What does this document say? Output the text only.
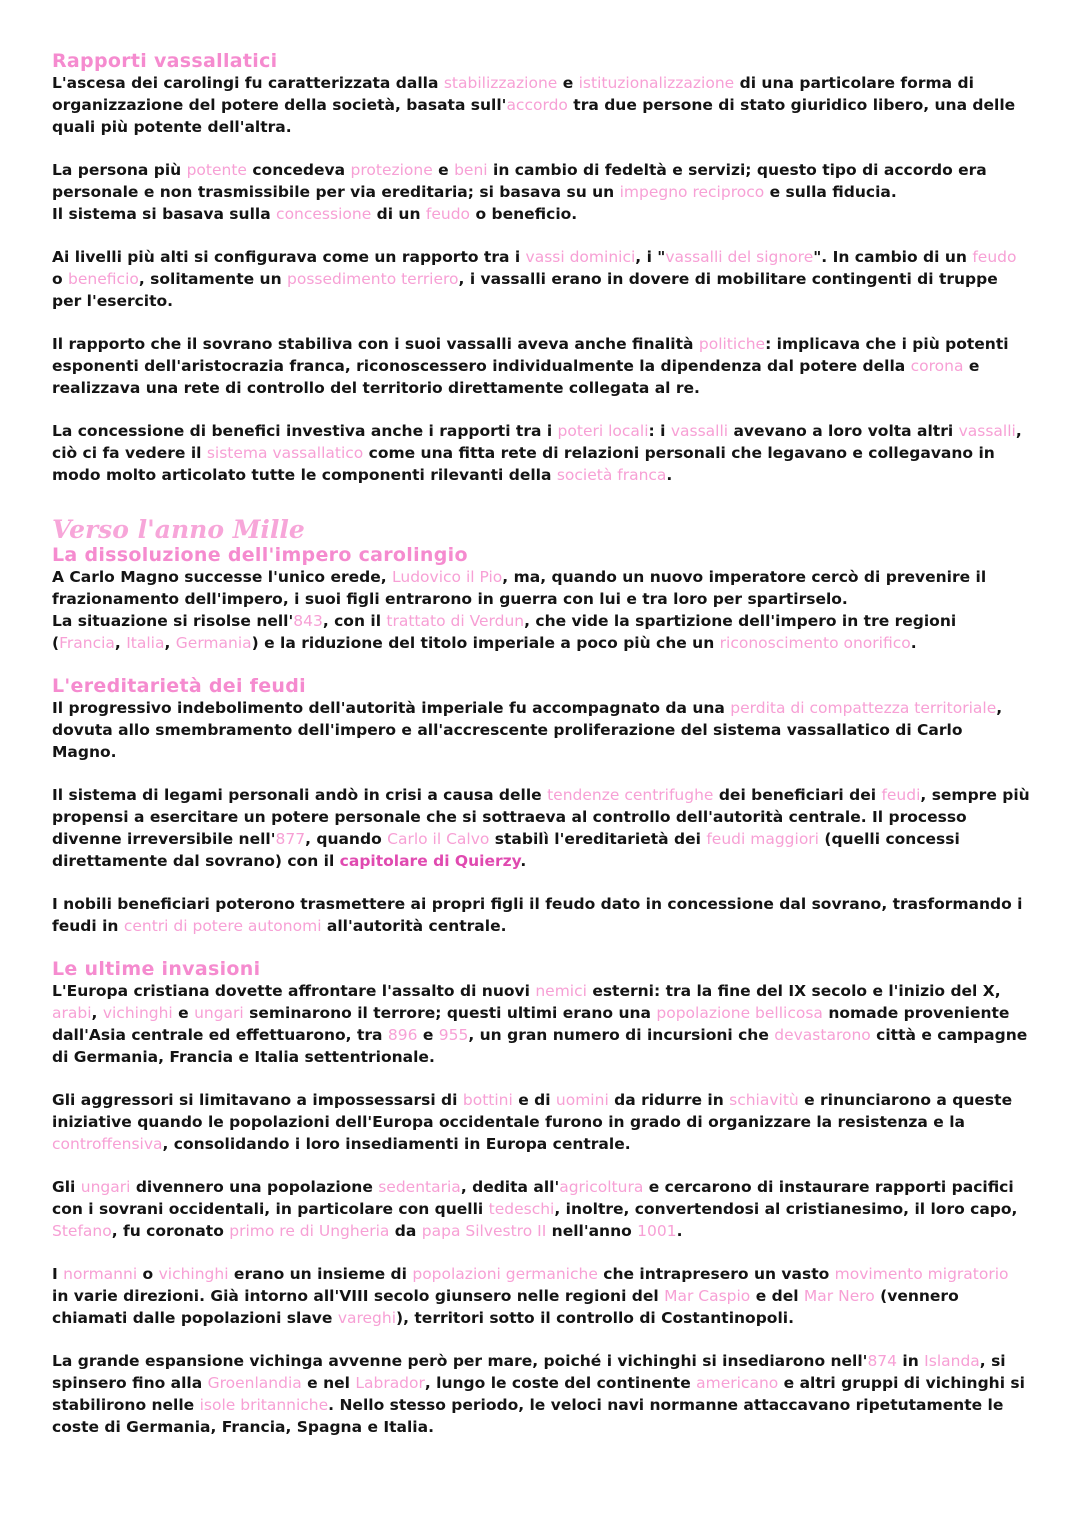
Rapporti vassallatici

L'ascesa dei carolingi fu caratterizzata dalla stabilizzazione e istituzionalizzazione di una particolare forma di organizzazione del potere della società, basata sull'accordo tra due persone di stato giuridico libero, una delle quali più potente dell'altra.

La persona più potente concedeva protezione e beni in cambio di fedeltà e servizi; questo tipo di accordo era personale e non trasmissibile per via ereditaria; si basava su un impegno reciproco e sulla fiducia.
Il sistema si basava sulla concessione di un feudo o beneficio.

Ai livelli più alti si configurava come un rapporto tra i vassi dominici, i "vassalli del signore". In cambio di un feudo o beneficio, solitamente un possedimento terriero, i vassalli erano in dovere di mobilitare contingenti di truppe per l'esercito.

Il rapporto che il sovrano stabiliva con i suoi vassalli aveva anche finalità politiche: implicava che i più potenti esponenti dell'aristocrazia franca, riconoscessero individualmente la dipendenza dal potere della corona e realizzava una rete di controllo del territorio direttamente collegata al re.

La concessione di benefici investiva anche i rapporti tra i poteri locali: i vassalli avevano a loro volta altri vassalli, ciò ci fa vedere il sistema vassallatico come una fitta rete di relazioni personali che legavano e collegavano in modo molto articolato tutte le componenti rilevanti della società franca.

Verso l'anno Mille
La dissoluzione dell'impero carolingio

A Carlo Magno successe l'unico erede, Ludovico il Pio, ma, quando un nuovo imperatore cercò di prevenire il frazionamento dell'impero, i suoi figli entrarono in guerra con lui e tra loro per spartirselo.
La situazione si risolse nell'843, con il trattato di Verdun, che vide la spartizione dell'impero in tre regioni (Francia, Italia, Germania) e la riduzione del titolo imperiale a poco più che un riconoscimento onorifico.

L'ereditarietà dei feudi

Il progressivo indebolimento dell'autorità imperiale fu accompagnato da una perdita di compattezza territoriale, dovuta allo smembramento dell'impero e all'accrescente proliferazione del sistema vassallatico di Carlo Magno.

Il sistema di legami personali andò in crisi a causa delle tendenze centrifughe dei beneficiari dei feudi, sempre più propensi a esercitare un potere personale che si sottraeva al controllo dell'autorità centrale. Il processo divenne irreversibile nell'877, quando Carlo il Calvo stabilì l'ereditarietà dei feudi maggiori (quelli concessi direttamente dal sovrano) con il capitolare di Quierzy.

I nobili beneficiari poterono trasmettere ai propri figli il feudo dato in concessione dal sovrano, trasformando i feudi in centri di potere autonomi all'autorità centrale.

Le ultime invasioni

L'Europa cristiana dovette affrontare l'assalto di nuovi nemici esterni: tra la fine del IX secolo e l'inizio del X, arabi, vichinghi e ungari seminarono il terrore; questi ultimi erano una popolazione bellicosa nomade proveniente dall'Asia centrale ed effettuarono, tra 896 e 955, un gran numero di incursioni che devastarono città e campagne di Germania, Francia e Italia settentrionale.

Gli aggressori si limitavano a impossessarsi di bottini e di uomini da ridurre in schiavitù e rinunciarono a queste iniziative quando le popolazioni dell'Europa occidentale furono in grado di organizzare la resistenza e la controffensiva, consolidando i loro insediamenti in Europa centrale.

Gli ungari divennero una popolazione sedentaria, dedita all'agricoltura e cercarono di instaurare rapporti pacifici con i sovrani occidentali, in particolare con quelli tedeschi, inoltre, convertendosi al cristianesimo, il loro capo, Stefano, fu coronato primo re di Ungheria da papa Silvestro II nell'anno 1001.

I normanni o vichinghi erano un insieme di popolazioni germaniche che intrapresero un vasto movimento migratorio in varie direzioni. Già intorno all'VIII secolo giunsero nelle regioni del Mar Caspio e del Mar Nero (vennero chiamati dalle popolazioni slave vareghi), territori sotto il controllo di Costantinopoli.

La grande espansione vichinga avvenne però per mare, poiché i vichinghi si insediarono nell'874 in Islanda, si spinsero fino alla Groenlandia e nel Labrador, lungo le coste del continente americano e altri gruppi di vichinghi si stabilirono nelle isole britanniche. Nello stesso periodo, le veloci navi normanne attaccavano ripetutamente le coste di Germania, Francia, Spagna e Italia.
